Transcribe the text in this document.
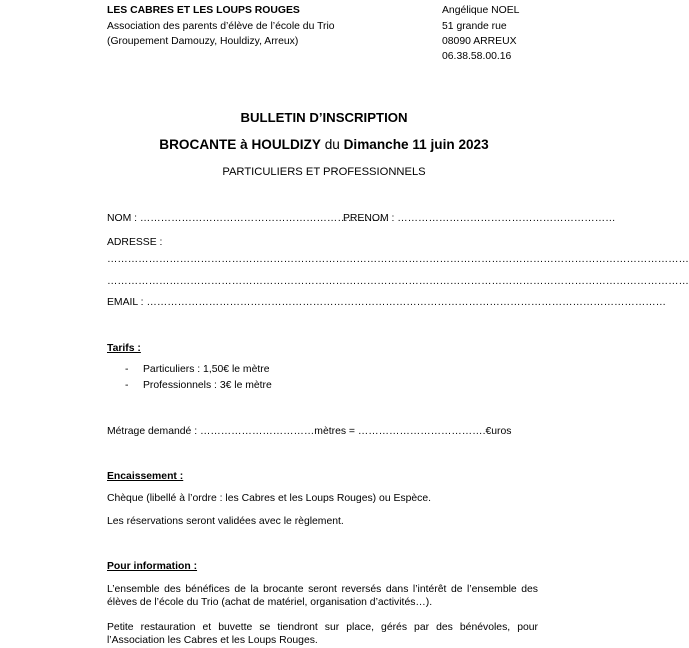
LES CABRES ET LES LOUPS ROUGES
Association des parents d’élève de l’école du Trio
(Groupement Damouzy, Houldizy, Arreux)
Angélique NOEL
51 grande rue
08090 ARREUX
06.38.58.00.16
BULLETIN D’INSCRIPTION
BROCANTE à HOULDIZY du Dimanche 11 juin 2023
PARTICULIERS ET PROFESSIONNELS
NOM : ………………………………………………………………
PRENOM : ………………………………………………………
ADRESSE :
……………………………………………………………………………………………………………………………………………………
……………………………………………………………………………………………………………………………………………………
EMAIL : ……………………………………………………………………………………………………………………………………
Tarifs :
- Particuliers : 1,50€ le mètre
- Professionnels : 3€ le mètre
Métrage demandé : ……………………………mètres = ……………………………….€uros
Encaissement :
Chèque (libellé à l’ordre : les Cabres et les Loups Rouges) ou Espèce.
Les réservations seront validées avec le règlement.
Pour information :
L’ensemble des bénéfices de la brocante seront reversés dans l’intérêt de l’ensemble des élèves de l’école du Trio (achat de matériel, organisation d’activités…).
Petite restauration et buvette se tiendront sur place, gérés par des bénévoles, pour l’Association les Cabres et les Loups Rouges.
